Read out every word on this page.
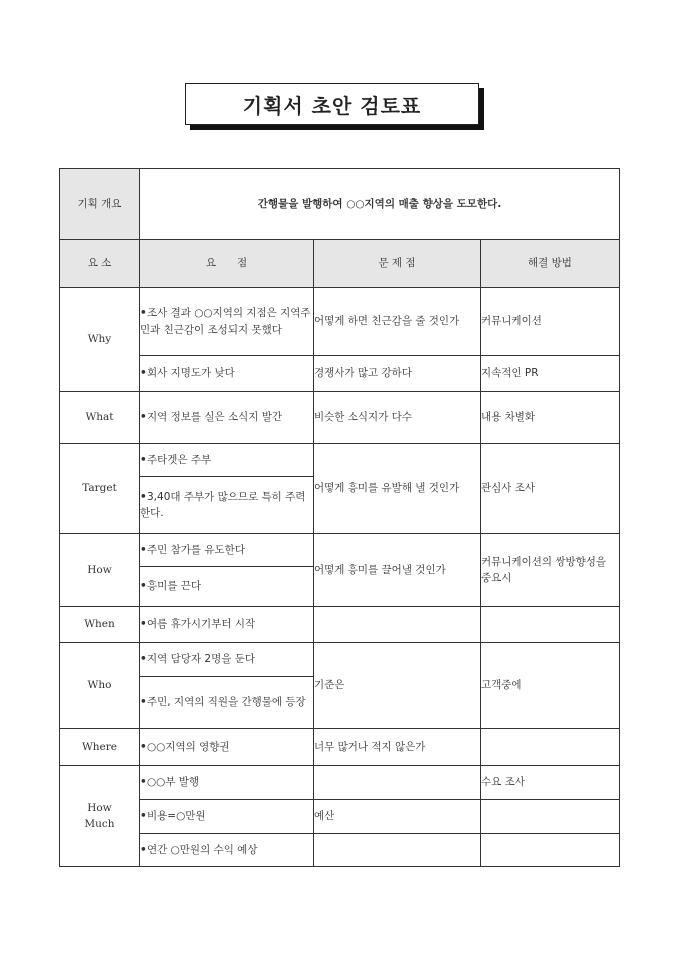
기획서 초안 검토표
기획 개요	간행물을 발행하여 ○○지역의 매출 향상을 도모한다.		
요 소	요　　점	문 제 점	해결 방법
Why	•조사 결과 ○○지역의 지점은 지역주민과 친근감이 조성되지 못했다	어떻게 하면 친근감을 줄 것인가	커뮤니케이션
	•회사 지명도가 낮다	경쟁사가 많고 강하다	지속적인 PR
What	•지역 정보를 실은 소식지 발간	비슷한 소식지가 다수	내용 차별화
Target	•주타겟은 주부	어떻게 흥미를 유발해 낼 것인가	관심사 조사
	•3,40대 주부가 많으므로 특히 주력한다.		
How	•주민 참가를 유도한다	어떻게 흥미를 끌어낼 것인가	커뮤니케이션의 쌍방향성을 중요시
	•흥미를 끈다		
When	•여름 휴가시기부터 시작		
Who	•지역 담당자 2명을 둔다	기준은	고객중에
	•주민, 지역의 직원을 간행물에 등장		
Where	•○○지역의 영향권	너무 많거나 적지 않은가	
How Much	•○○부 발행		수요 조사
	•비용=○만원	예산	
	•연간 ○만원의 수익 예상		
